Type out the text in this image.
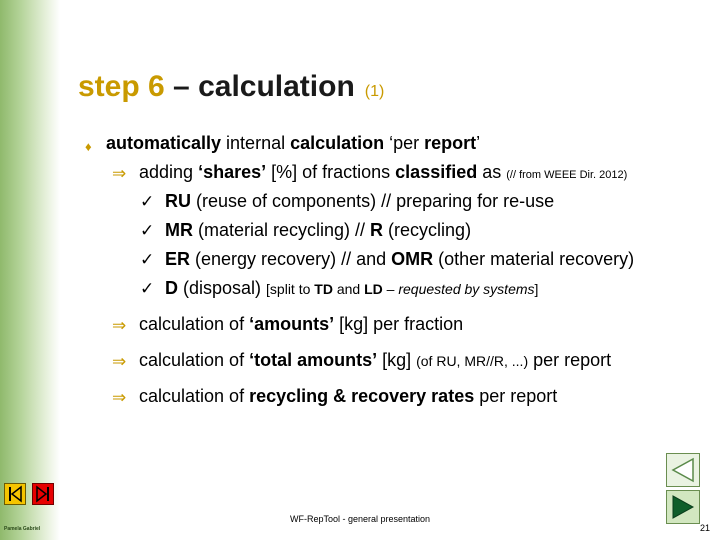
Pamela Gabriel
step 6 – calculation (1)
♦ automatically internal calculation ‘per report’
⇒ adding ‘shares’ [%] of fractions classified as (// from WEEE Dir. 2012)
✓ RU (reuse of components) // preparing for re-use
✓ MR (material recycling) // R (recycling)
✓ ER (energy recovery) // and OMR (other material recovery)
✓ D (disposal) [split to TD and LD – requested by systems]
⇒ calculation of ‘amounts’ [kg] per fraction
⇒ calculation of ‘total amounts’ [kg] (of RU, MR//R, ...) per report
⇒ calculation of recycling & recovery rates per report
WF-RepTool - general presentation
21
